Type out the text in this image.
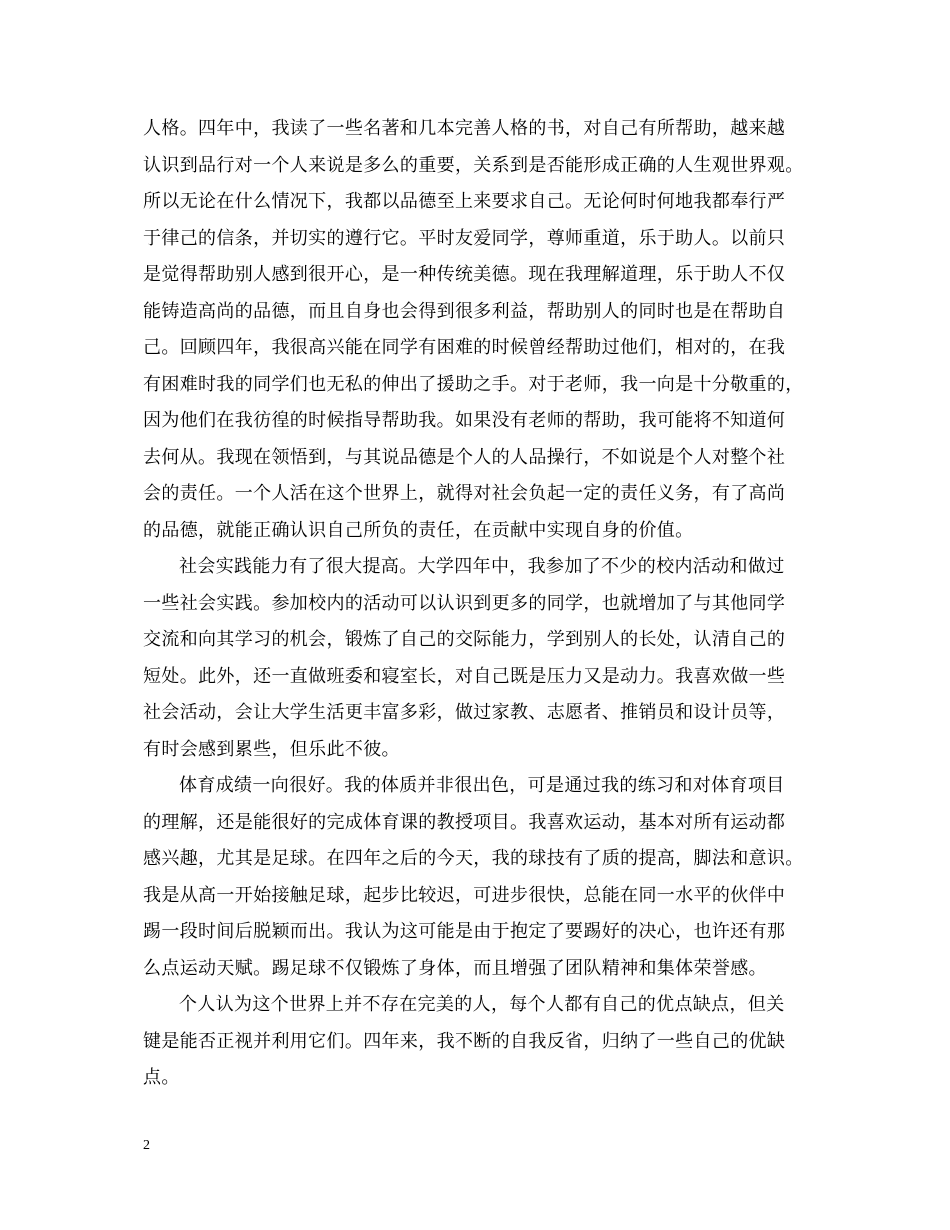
人格。四年中，我读了一些名著和几本完善人格的书，对自己有所帮助，越来越
认识到品行对一个人来说是多么的重要，关系到是否能形成正确的人生观世界观。
所以无论在什么情况下，我都以品德至上来要求自己。无论何时何地我都奉行严
于律己的信条，并切实的遵行它。平时友爱同学，尊师重道，乐于助人。以前只
是觉得帮助别人感到很开心，是一种传统美德。现在我理解道理，乐于助人不仅
能铸造高尚的品德，而且自身也会得到很多利益，帮助别人的同时也是在帮助自
己。回顾四年，我很高兴能在同学有困难的时候曾经帮助过他们，相对的，在我
有困难时我的同学们也无私的伸出了援助之手。对于老师，我一向是十分敬重的，
因为他们在我彷徨的时候指导帮助我。如果没有老师的帮助，我可能将不知道何
去何从。我现在领悟到，与其说品德是个人的人品操行，不如说是个人对整个社
会的责任。一个人活在这个世界上，就得对社会负起一定的责任义务，有了高尚
的品德，就能正确认识自己所负的责任，在贡献中实现自身的价值。
社会实践能力有了很大提高。大学四年中，我参加了不少的校内活动和做过
一些社会实践。参加校内的活动可以认识到更多的同学，也就增加了与其他同学
交流和向其学习的机会，锻炼了自己的交际能力，学到别人的长处，认清自己的
短处。此外，还一直做班委和寝室长，对自己既是压力又是动力。我喜欢做一些
社会活动，会让大学生活更丰富多彩，做过家教、志愿者、推销员和设计员等，
有时会感到累些，但乐此不彼。
体育成绩一向很好。我的体质并非很出色，可是通过我的练习和对体育项目
的理解，还是能很好的完成体育课的教授项目。我喜欢运动，基本对所有运动都
感兴趣，尤其是足球。在四年之后的今天，我的球技有了质的提高，脚法和意识。
我是从高一开始接触足球，起步比较迟，可进步很快，总能在同一水平的伙伴中
踢一段时间后脱颖而出。我认为这可能是由于抱定了要踢好的决心，也许还有那
么点运动天赋。踢足球不仅锻炼了身体，而且增强了团队精神和集体荣誉感。
个人认为这个世界上并不存在完美的人，每个人都有自己的优点缺点，但关
键是能否正视并利用它们。四年来，我不断的自我反省，归纳了一些自己的优缺
点。
2
